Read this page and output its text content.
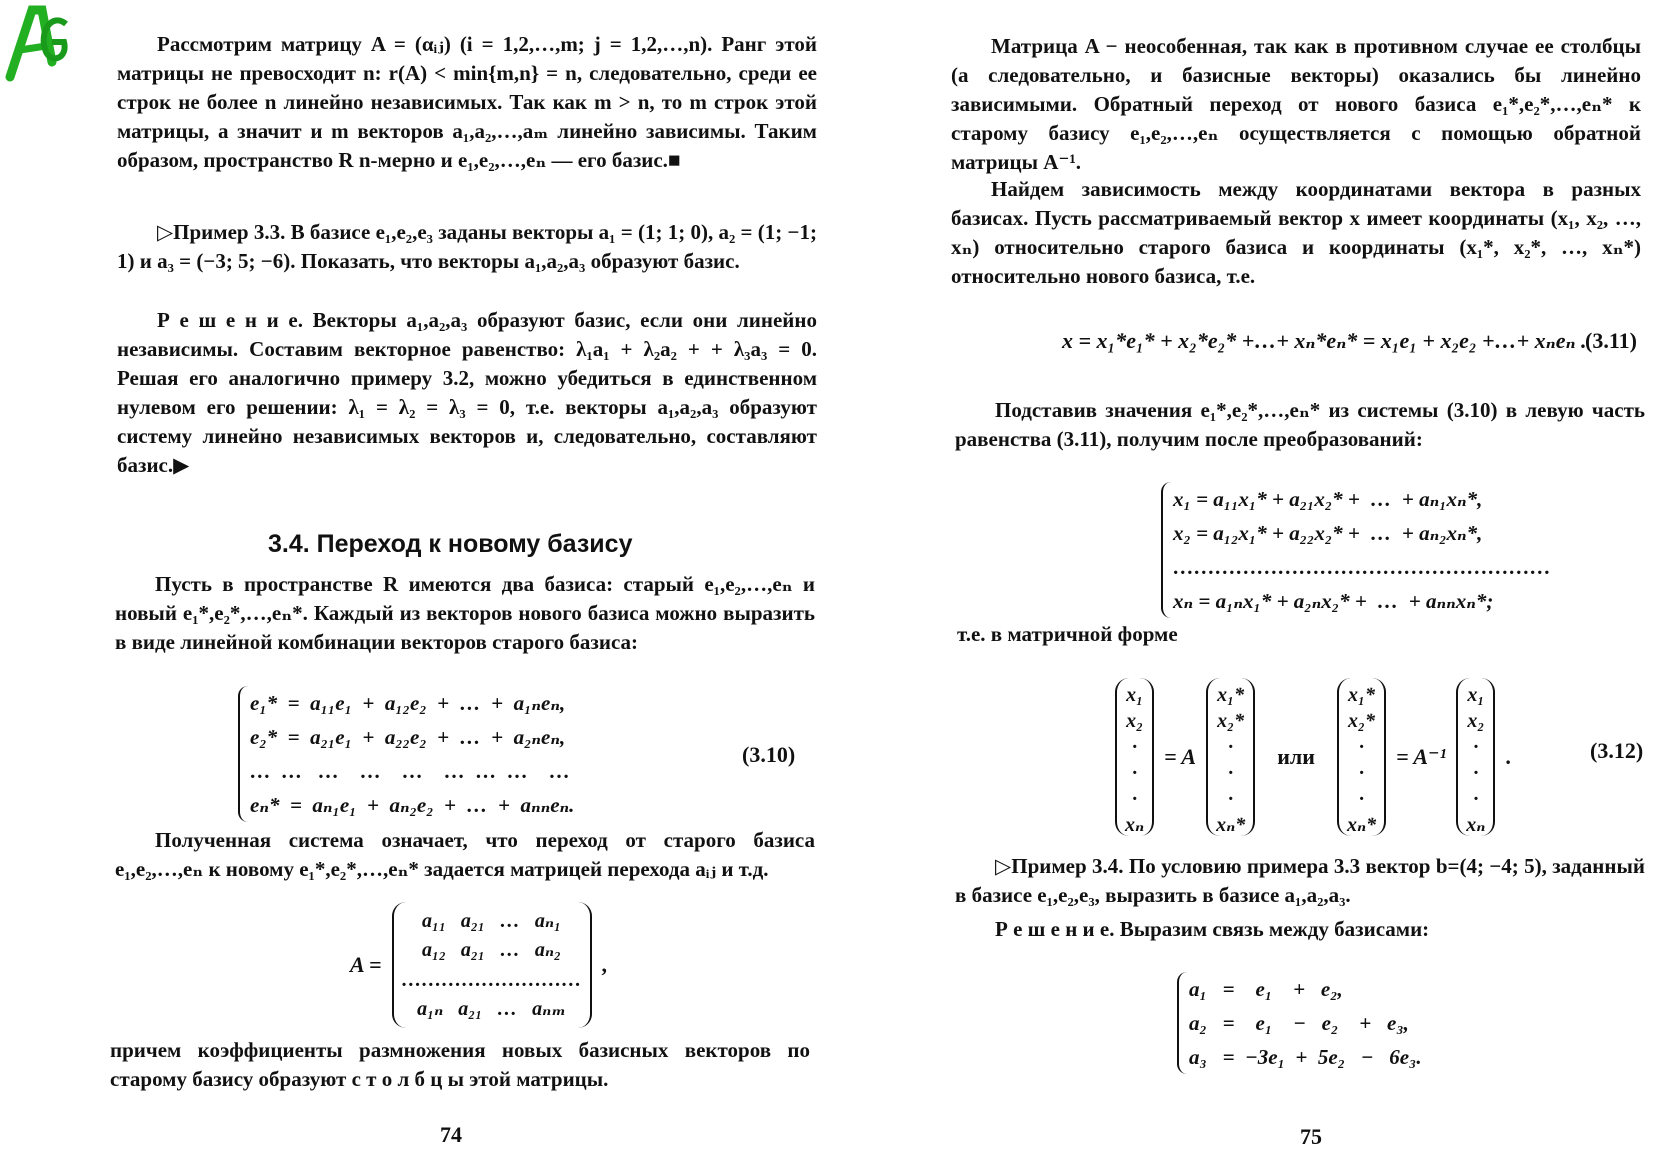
Рассмотрим матрицу A = (αᵢⱼ) (i = 1,2,…,m; j = 1,2,…,n). Ранг этой матрицы не превосходит n: r(A) < min{m,n} = n, следовательно, среди ее строк не более n линейно независимых. Так как m > n, то m строк этой матрицы, а значит и m векторов a₁,a₂,…,aₘ линейно зависимы. Таким образом, пространство R n-мерно и e₁,e₂,…,eₙ — его базис.■

▷Пример 3.3. В базисе e₁,e₂,e₃ заданы векторы a₁ = (1; 1; 0), a₂ = (1; −1; 1) и a₃ = (−3; 5; −6). Показать, что векторы a₁,a₂,a₃ образуют базис.

Р е ш е н и е. Векторы a₁,a₂,a₃ образуют базис, если они линейно независимы. Составим векторное равенство: λ₁a₁ + λ₂a₂ + + λ₃a₃ = 0. Решая его аналогично примеру 3.2, можно убедиться в единственном нулевом его решении: λ₁ = λ₂ = λ₃ = 0, т.е. векторы a₁,a₂,a₃ образуют систему линейно независимых векторов и, следовательно, составляют базис.▶

3.4. Переход к новому базису

Пусть в пространстве R имеются два базиса: старый e₁,e₂,…,eₙ и новый e₁*,e₂*,…,eₙ*. Каждый из векторов нового базиса можно выразить в виде линейной комбинации векторов старого базиса:

e₁*  =  a₁₁e₁  +  a₁₂e₂  +  …  +  a₁ₙeₙ,
e₂*  =  a₂₁e₁  +  a₂₂e₂  +  …  +  a₂ₙeₙ,
…  …   …    …    …    …  …  …    …
eₙ*  =  aₙ₁e₁  +  aₙ₂e₂  +  …  +  aₙₙeₙ.
(3.10)

Полученная система означает, что переход от старого базиса e₁,e₂,…,eₙ к новому e₁*,e₂*,…,eₙ* задается матрицей перехода aᵢⱼ и т.д.

A =
a₁₁   a₂₁   …   aₙ₁
a₁₂   a₂₁   …   aₙ₂
………………………
a₁ₙ   a₂₁   …   aₙₘ
,

причем коэффициенты размножения новых базисных векторов по старому базису образуют с т о л б ц ы этой матрицы.

74

Матрица A − неособенная, так как в противном случае ее столбцы (а следовательно, и базисные векторы) оказались бы линейно зависимыми. Обратный переход от нового базиса e₁*,e₂*,…,eₙ* к старому базису e₁,e₂,…,eₙ осуществляется с помощью обратной матрицы A⁻¹.

Найдем зависимость между координатами вектора в разных базисах. Пусть рассматриваемый вектор x имеет координаты (x₁, x₂, …, xₙ) относительно старого базиса и координаты (x₁*, x₂*, …, xₙ*) относительно нового базиса, т.е.

x = x₁*e₁* + x₂*e₂* +…+ xₙ*eₙ* = x₁e₁ + x₂e₂ +…+ xₙeₙ .
(3.11)

Подставив значения e₁*,e₂*,…,eₙ* из системы (3.10) в левую часть равенства (3.11), получим после преобразований:

x₁ = a₁₁x₁* + a₂₁x₂* +  …  + aₙ₁xₙ*,
x₂ = a₁₂x₁* + a₂₂x₂* +  …  + aₙ₂xₙ*,
………………………………………………
xₙ = a₁ₙx₁* + a₂ₙx₂* +  …  + aₙₙxₙ*;

т.е. в матричной форме

x₁
x₂
·
·
·
xₙ
= A
x₁*
x₂*
·
·
·
xₙ*
или
x₁*
x₂*
·
·
·
xₙ*
= A⁻¹
x₁
x₂
·
·
·
xₙ
.	(3.12)

▷Пример 3.4. По условию примера 3.3 вектор b=(4; −4; 5), заданный в базисе e₁,e₂,e₃, выразить в базисе a₁,a₂,a₃.

Р е ш е н и е. Выразим связь между базисами:

a₁   =    e₁    +   e₂,
a₂   =    e₁    −   e₂    +   e₃,
a₃   =  −3e₁  +  5e₂   −   6e₃.
75
